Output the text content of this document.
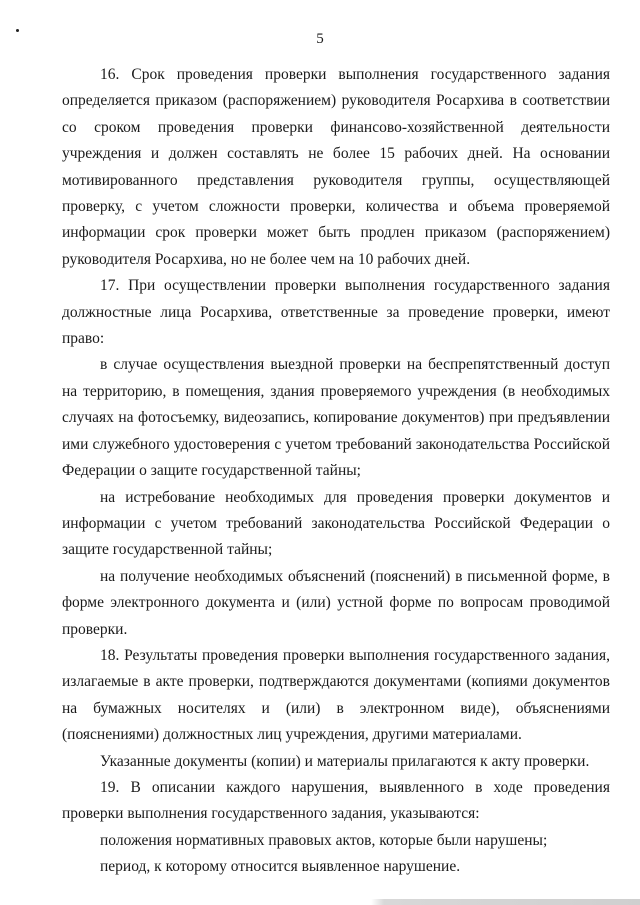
5

16. Срок проведения проверки выполнения государственного задания определяется приказом (распоряжением) руководителя Росархива в соответствии со сроком проведения проверки финансово-хозяйственной деятельности учреждения и должен составлять не более 15 рабочих дней. На основании мотивированного представления руководителя группы, осуществляющей проверку, с учетом сложности проверки, количества и объема проверяемой информации срок проверки может быть продлен приказом (распоряжением) руководителя Росархива, но не более чем на 10 рабочих дней.

17. При осуществлении проверки выполнения государственного задания должностные лица Росархива, ответственные за проведение проверки, имеют право:

в случае осуществления выездной проверки на беспрепятственный доступ на территорию, в помещения, здания проверяемого учреждения (в необходимых случаях на фотосъемку, видеозапись, копирование документов) при предъявлении ими служебного удостоверения с учетом требований законодательства Российской Федерации о защите государственной тайны;

на истребование необходимых для проведения проверки документов и информации с учетом требований законодательства Российской Федерации о защите государственной тайны;

на получение необходимых объяснений (пояснений) в письменной форме, в форме электронного документа и (или) устной форме по вопросам проводимой проверки.

18. Результаты проведения проверки выполнения государственного задания, излагаемые в акте проверки, подтверждаются документами (копиями документов на бумажных носителях и (или) в электронном виде), объяснениями (пояснениями) должностных лиц учреждения, другими материалами.

Указанные документы (копии) и материалы прилагаются к акту проверки.

19. В описании каждого нарушения, выявленного в ходе проведения проверки выполнения государственного задания, указываются:

положения нормативных правовых актов, которые были нарушены;

период, к которому относится выявленное нарушение.
